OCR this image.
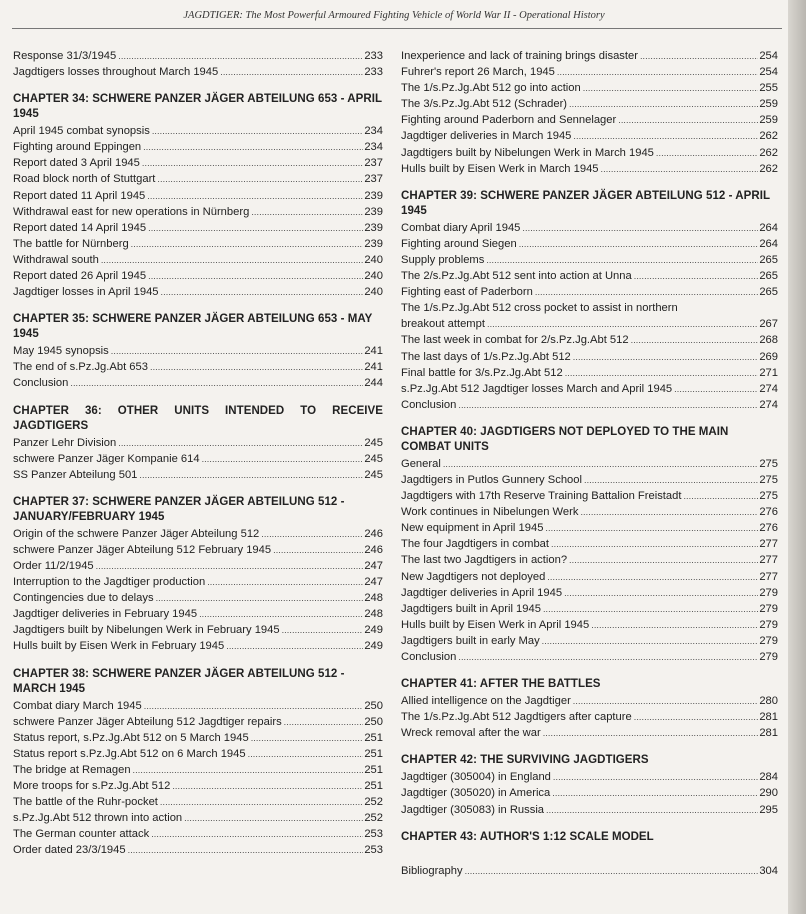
JAGDTIGER: The Most Powerful Armoured Fighting Vehicle of World War II - Operational History
Response 31/3/1945 . . .	233
Jagdtigers losses throughout March 1945 . . .	233
CHAPTER 34: SCHWERE PANZER JÄGER ABTEILUNG 653 - APRIL 1945
April 1945 combat synopsis . . .	234
Fighting around Eppingen . . .	234
Report dated 3 April 1945 . . .	237
Road block north of Stuttgart . . .	237
Report dated 11 April 1945 . . .	239
Withdrawal east for new operations in Nürnberg . . .	239
Report dated 14 April 1945 . . .	239
The battle for Nürnberg . . .	239
Withdrawal south . . .	240
Report dated 26 April 1945 . . .	240
Jagdtiger losses in April 1945 . . .	240
CHAPTER 35: SCHWERE PANZER JÄGER ABTEILUNG 653 - MAY 1945
May 1945 synopsis . . .	241
The end of s.Pz.Jg.Abt 653 . . .	241
Conclusion . . .	244
CHAPTER 36: OTHER UNITS INTENDED TO RECEIVE JAGDTIGERS
Panzer Lehr Division . . .	245
schwere Panzer Jäger Kompanie 614 . . .	245
SS Panzer Abteilung 501 . . .	245
CHAPTER 37: SCHWERE PANZER JÄGER ABTEILUNG 512 - JANUARY/FEBRUARY 1945
Origin of the schwere Panzer Jäger Abteilung 512 . . .	246
schwere Panzer Jäger Abteilung 512 February 1945 . . .	246
Order 11/2/1945 . . .	247
Interruption to the Jagdtiger production . . .	247
Contingencies due to delays . . .	248
Jagdtiger deliveries in February 1945 . . .	248
Jagdtigers built by Nibelungen Werk in February 1945 . . .	249
Hulls built by Eisen Werk in February 1945 . . .	249
CHAPTER 38: SCHWERE PANZER JÄGER ABTEILUNG 512 - MARCH 1945
Combat diary March 1945 . . .	250
schwere Panzer Jäger Abteilung 512 Jagdtiger repairs . . .	250
Status report, s.Pz.Jg.Abt 512 on 5 March 1945 . . .	251
Status report s.Pz.Jg.Abt 512 on 6 March 1945 . . .	251
The bridge at Remagen . . .	251
More troops for s.Pz.Jg.Abt 512 . . .	251
The battle of the Ruhr-pocket . . .	252
s.Pz.Jg.Abt 512 thrown into action . . .	252
The German counter attack . . .	253
Order dated 23/3/1945 . . .	253
Inexperience and lack of training brings disaster . . .	254
Fuhrer's report 26 March, 1945 . . .	254
The 1/s.Pz.Jg.Abt 512 go into action . . .	255
The 3/s.Pz.Jg.Abt 512 (Schrader) . . .	259
Fighting around Paderborn and Sennelager . . .	259
Jagdtiger deliveries in March 1945 . . .	262
Jagdtigers built by Nibelungen Werk in March 1945 . . .	262
Hulls built by Eisen Werk in March 1945 . . .	262
CHAPTER 39: SCHWERE PANZER JÄGER ABTEILUNG 512 - APRIL 1945
Combat diary April 1945 . . .	264
Fighting around Siegen . . .	264
Supply problems . . .	265
The 2/s.Pz.Jg.Abt 512 sent into action at Unna . . .	265
Fighting east of Paderborn . . .	265
The 1/s.Pz.Jg.Abt 512 cross pocket to assist in northern
breakout attempt . . .	267
The last week in combat for 2/s.Pz.Jg.Abt 512 . . .	268
The last days of 1/s.Pz.Jg.Abt 512 . . .	269
Final battle for 3/s.Pz.Jg.Abt 512 . . .	271
s.Pz.Jg.Abt 512 Jagdtiger losses March and April 1945 . . .	274
Conclusion . . .	274
CHAPTER 40: JAGDTIGERS NOT DEPLOYED TO THE MAIN COMBAT UNITS
General . . .	275
Jagdtigers in Putlos Gunnery School . . .	275
Jagdtigers with 17th Reserve Training Battalion Freistadt . . .	275
Work continues in Nibelungen Werk . . .	276
New equipment in April 1945 . . .	276
The four Jagdtigers in combat . . .	277
The last two Jagdtigers in action? . . .	277
New Jagdtigers not deployed . . .	277
Jagdtiger deliveries in April 1945 . . .	279
Jagdtigers built in April 1945 . . .	279
Hulls built by Eisen Werk in April 1945 . . .	279
Jagdtigers built in early May . . .	279
Conclusion . . .	279
CHAPTER 41: AFTER THE BATTLES
Allied intelligence on the Jagdtiger . . .	280
The 1/s.Pz.Jg.Abt 512 Jagdtigers after capture . . .	281
Wreck removal after the war . . .	281
CHAPTER 42: THE SURVIVING JAGDTIGERS
Jagdtiger (305004) in England . . .	284
Jagdtiger (305020) in America . . .	290
Jagdtiger (305083) in Russia . . .	295
CHAPTER 43: AUTHOR'S 1:12 SCALE MODEL
Bibliography . . .	304
